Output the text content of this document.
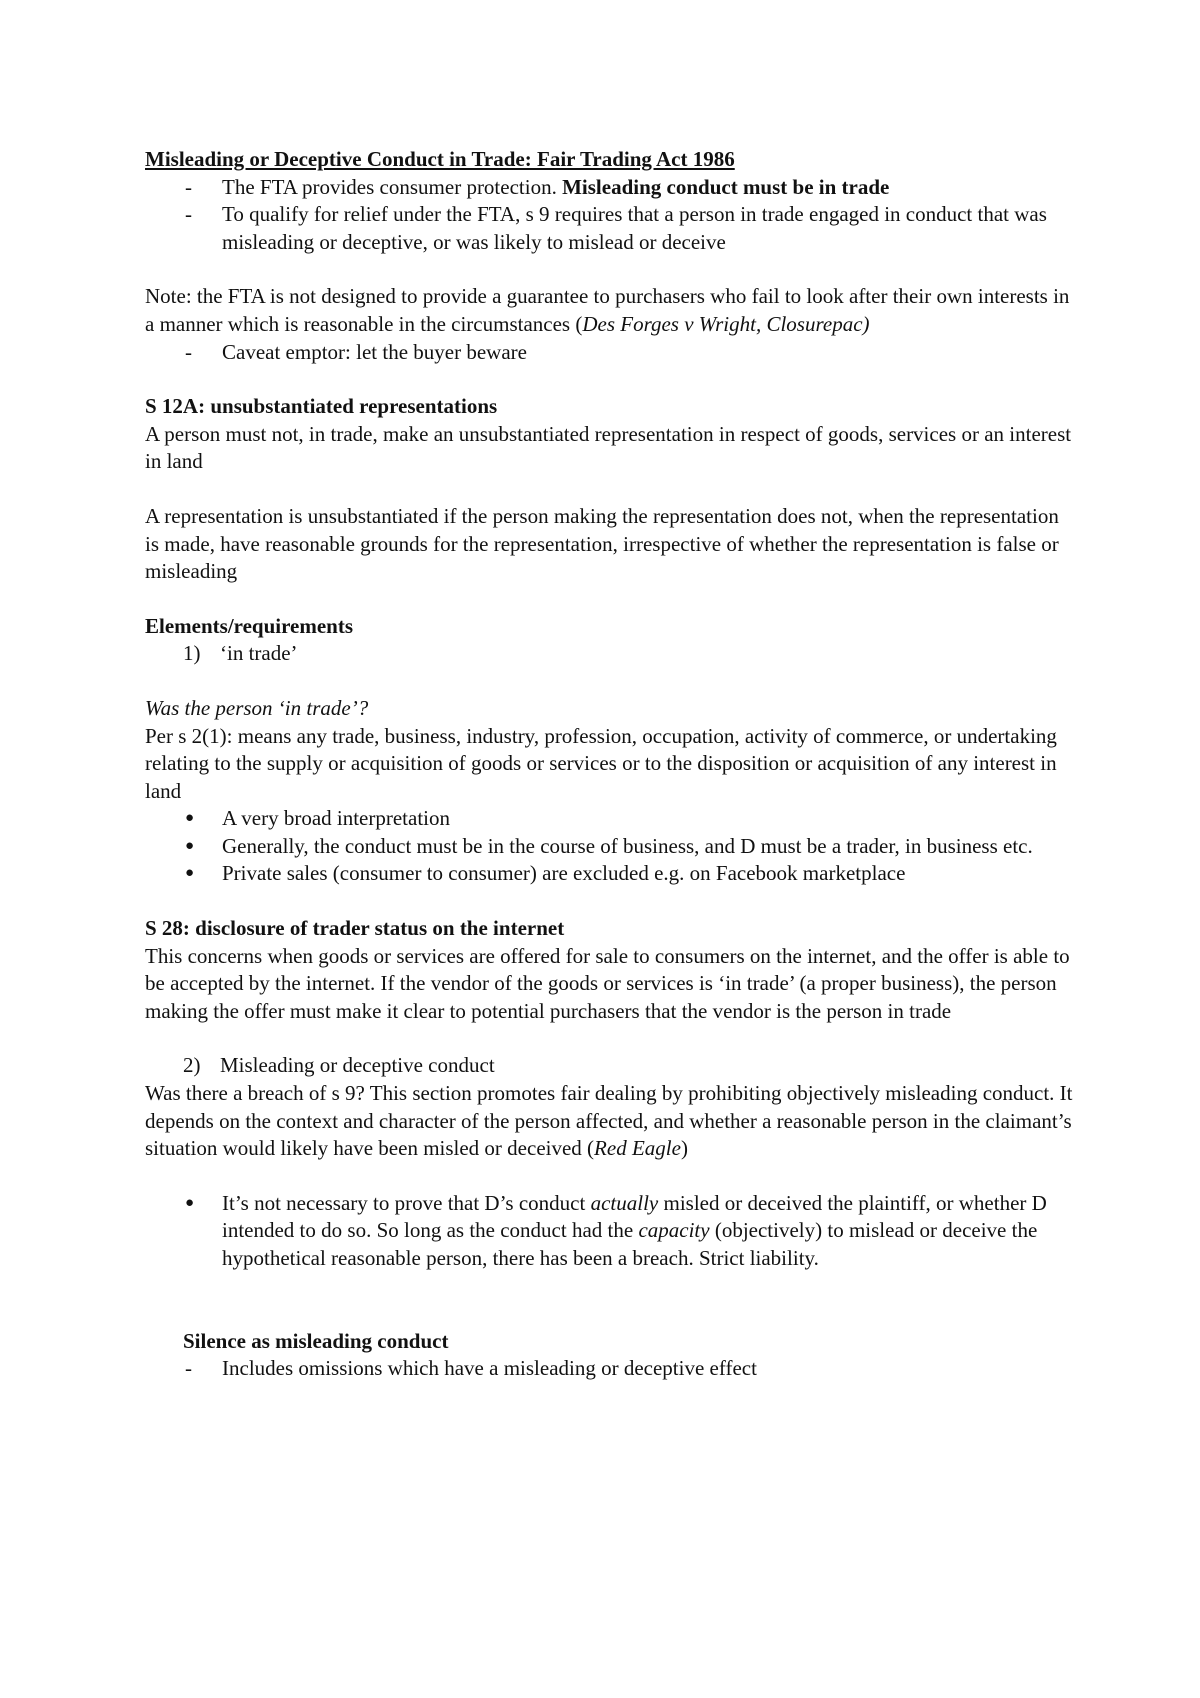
Misleading or Deceptive Conduct in Trade: Fair Trading Act 1986

-	The FTA provides consumer protection. Misleading conduct must be in trade
-	To qualify for relief under the FTA, s 9 requires that a person in trade engaged in conduct that was misleading or deceptive, or was likely to mislead or deceive

Note: the FTA is not designed to provide a guarantee to purchasers who fail to look after their own interests in a manner which is reasonable in the circumstances (Des Forges v Wright, Closurepac)

-	Caveat emptor: let the buyer beware

S 12A: unsubstantiated representations

A person must not, in trade, make an unsubstantiated representation in respect of goods, services or an interest in land

A representation is unsubstantiated if the person making the representation does not, when the representation is made, have reasonable grounds for the representation, irrespective of whether the representation is false or misleading

Elements/requirements

1) ‘in trade’

Was the person ‘in trade’?

Per s 2(1): means any trade, business, industry, profession, occupation, activity of commerce, or undertaking relating to the supply or acquisition of goods or services or to the disposition or acquisition of any interest in land

●	A very broad interpretation
●	Generally, the conduct must be in the course of business, and D must be a trader, in business etc.
●	Private sales (consumer to consumer) are excluded e.g. on Facebook marketplace

S 28: disclosure of trader status on the internet

This concerns when goods or services are offered for sale to consumers on the internet, and the offer is able to be accepted by the internet. If the vendor of the goods or services is ‘in trade’ (a proper business), the person making the offer must make it clear to potential purchasers that the vendor is the person in trade

2) Misleading or deceptive conduct

Was there a breach of s 9? This section promotes fair dealing by prohibiting objectively misleading conduct. It depends on the context and character of the person affected, and whether a reasonable person in the claimant’s situation would likely have been misled or deceived (Red Eagle)

●	It’s not necessary to prove that D’s conduct actually misled or deceived the plaintiff, or whether D intended to do so. So long as the conduct had the capacity (objectively) to mislead or deceive the hypothetical reasonable person, there has been a breach. Strict liability.

Silence as misleading conduct

-	Includes omissions which have a misleading or deceptive effect
